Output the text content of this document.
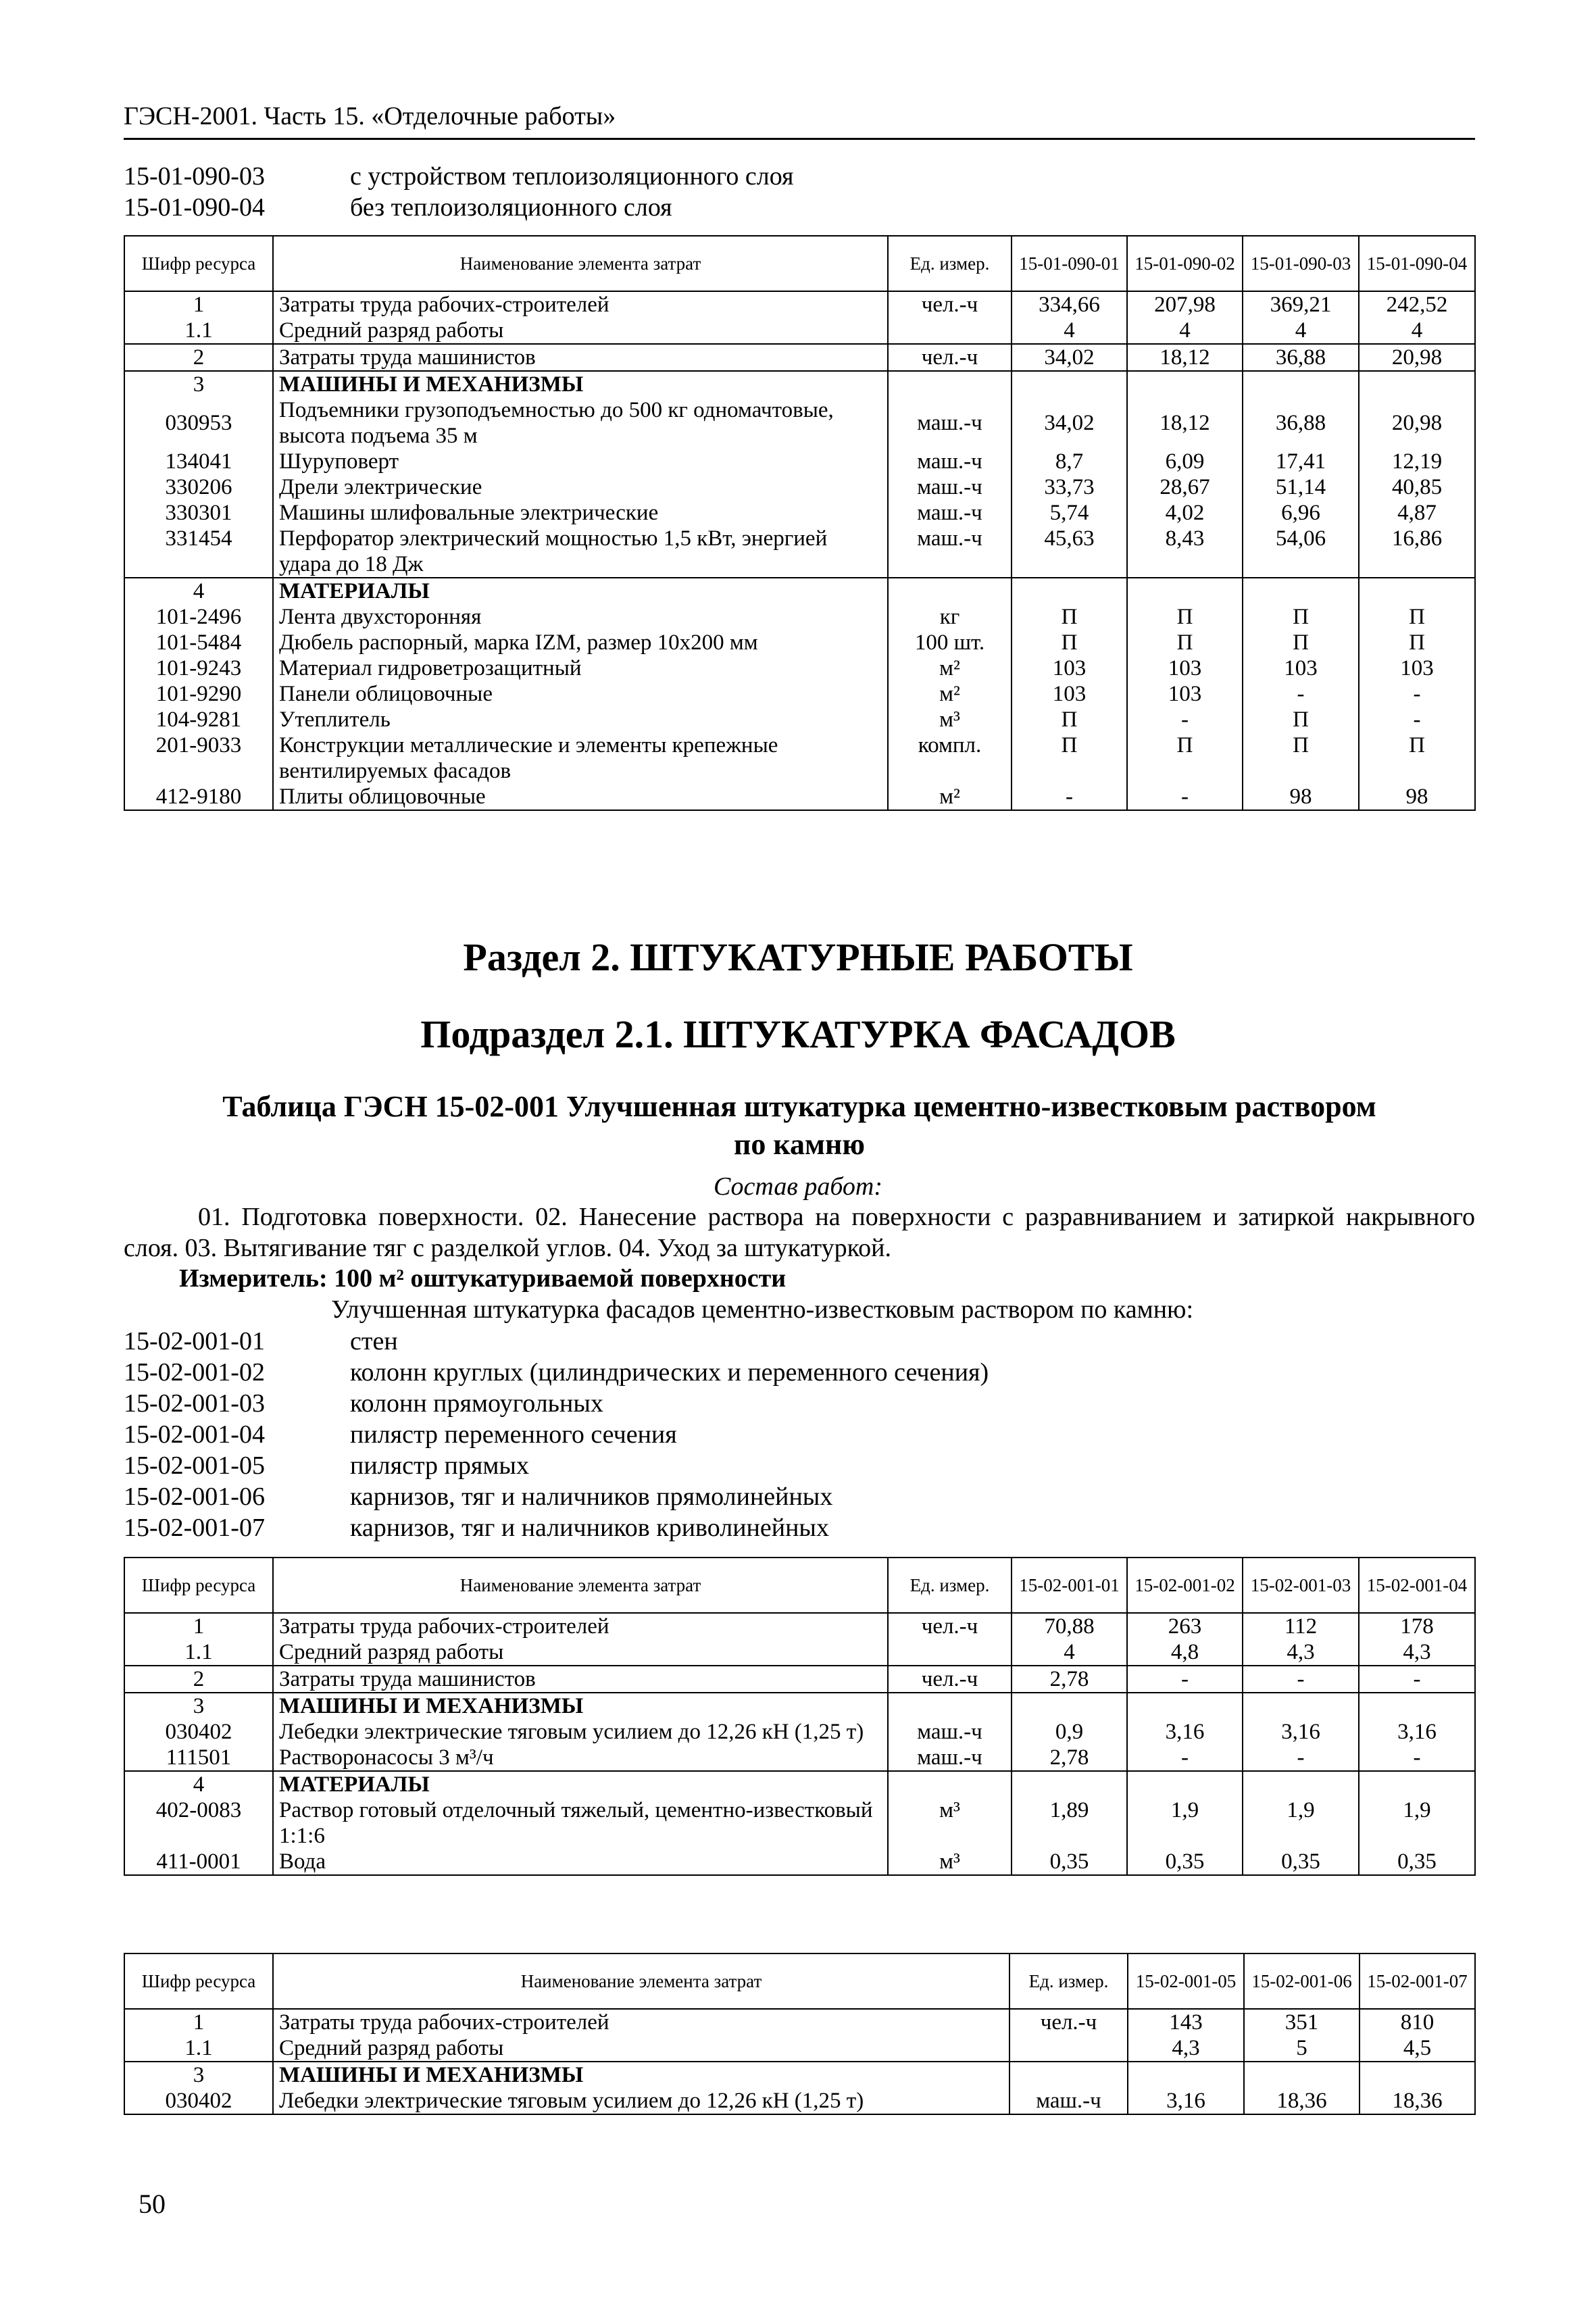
ГЭСН-2001. Часть 15. «Отделочные работы»
15-01-090-03	с устройством теплоизоляционного слоя
15-01-090-04	без теплоизоляционного слоя
Шифр ресурса	Наименование элемента затрат	Ед. измер.	15-01-090-01	15-01-090-02	15-01-090-03	15-01-090-04
1	Затраты труда рабочих-строителей	чел.-ч	334,66	207,98	369,21	242,52
1.1	Средний разряд работы		4	4	4	4
2	Затраты труда машинистов	чел.-ч	34,02	18,12	36,88	20,98
3	МАШИНЫ И МЕХАНИЗМЫ					
030953	Подъемники грузоподъемностью до 500 кг одномачтовые, высота подъема 35 м	маш.-ч	34,02	18,12	36,88	20,98
134041	Шуруповерт	маш.-ч	8,7	6,09	17,41	12,19
330206	Дрели электрические	маш.-ч	33,73	28,67	51,14	40,85
330301	Машины шлифовальные электрические	маш.-ч	5,74	4,02	6,96	4,87
331454	Перфоратор электрический мощностью 1,5 кВт, энергией удара до 18 Дж	маш.-ч	45,63	8,43	54,06	16,86
4	МАТЕРИАЛЫ					
101-2496	Лента двухсторонняя	кг	П	П	П	П
101-5484	Дюбель распорный, марка IZM, размер 10х200 мм	100 шт.	П	П	П	П
101-9243	Материал гидроветрозащитный	м²	103	103	103	103
101-9290	Панели облицовочные	м²	103	103	-	-
104-9281	Утеплитель	м³	П	-	П	-
201-9033	Конструкции металлические и элементы крепежные вентилируемых фасадов	компл.	П	П	П	П
412-9180	Плиты облицовочные	м²	-	-	98	98
Раздел 2. ШТУКАТУРНЫЕ РАБОТЫ
Подраздел 2.1. ШТУКАТУРКА ФАСАДОВ
Таблица ГЭСН 15-02-001 Улучшенная штукатурка цементно-известковым раствором
по камню
Состав работ:
01. Подготовка поверхности. 02. Нанесение раствора на поверхности с разравниванием и затиркой накрывного слоя. 03. Вытягивание тяг с разделкой углов. 04. Уход за штукатуркой.
Измеритель: 100 м² оштукатуриваемой поверхности
Улучшенная штукатурка фасадов цементно-известковым раствором по камню:
15-02-001-01	стен
15-02-001-02	колонн круглых (цилиндрических и переменного сечения)
15-02-001-03	колонн прямоугольных
15-02-001-04	пилястр переменного сечения
15-02-001-05	пилястр прямых
15-02-001-06	карнизов, тяг и наличников прямолинейных
15-02-001-07	карнизов, тяг и наличников криволинейных
Шифр ресурса	Наименование элемента затрат	Ед. измер.	15-02-001-01	15-02-001-02	15-02-001-03	15-02-001-04
1	Затраты труда рабочих-строителей	чел.-ч	70,88	263	112	178
1.1	Средний разряд работы		4	4,8	4,3	4,3
2	Затраты труда машинистов	чел.-ч	2,78	-	-	-
3	МАШИНЫ И МЕХАНИЗМЫ					
030402	Лебедки электрические тяговым усилием до 12,26 кН (1,25 т)	маш.-ч	0,9	3,16	3,16	3,16
111501	Растворонасосы 3 м³/ч	маш.-ч	2,78	-	-	-
4	МАТЕРИАЛЫ					
402-0083	Раствор готовый отделочный тяжелый, цементно-известковый 1:1:6	м³	1,89	1,9	1,9	1,9
411-0001	Вода	м³	0,35	0,35	0,35	0,35
Шифр ресурса	Наименование элемента затрат	Ед. измер.	15-02-001-05	15-02-001-06	15-02-001-07
1	Затраты труда рабочих-строителей	чел.-ч	143	351	810
1.1	Средний разряд работы		4,3	5	4,5
3	МАШИНЫ И МЕХАНИЗМЫ				
030402	Лебедки электрические тяговым усилием до 12,26 кН (1,25 т)	маш.-ч	3,16	18,36	18,36
50
